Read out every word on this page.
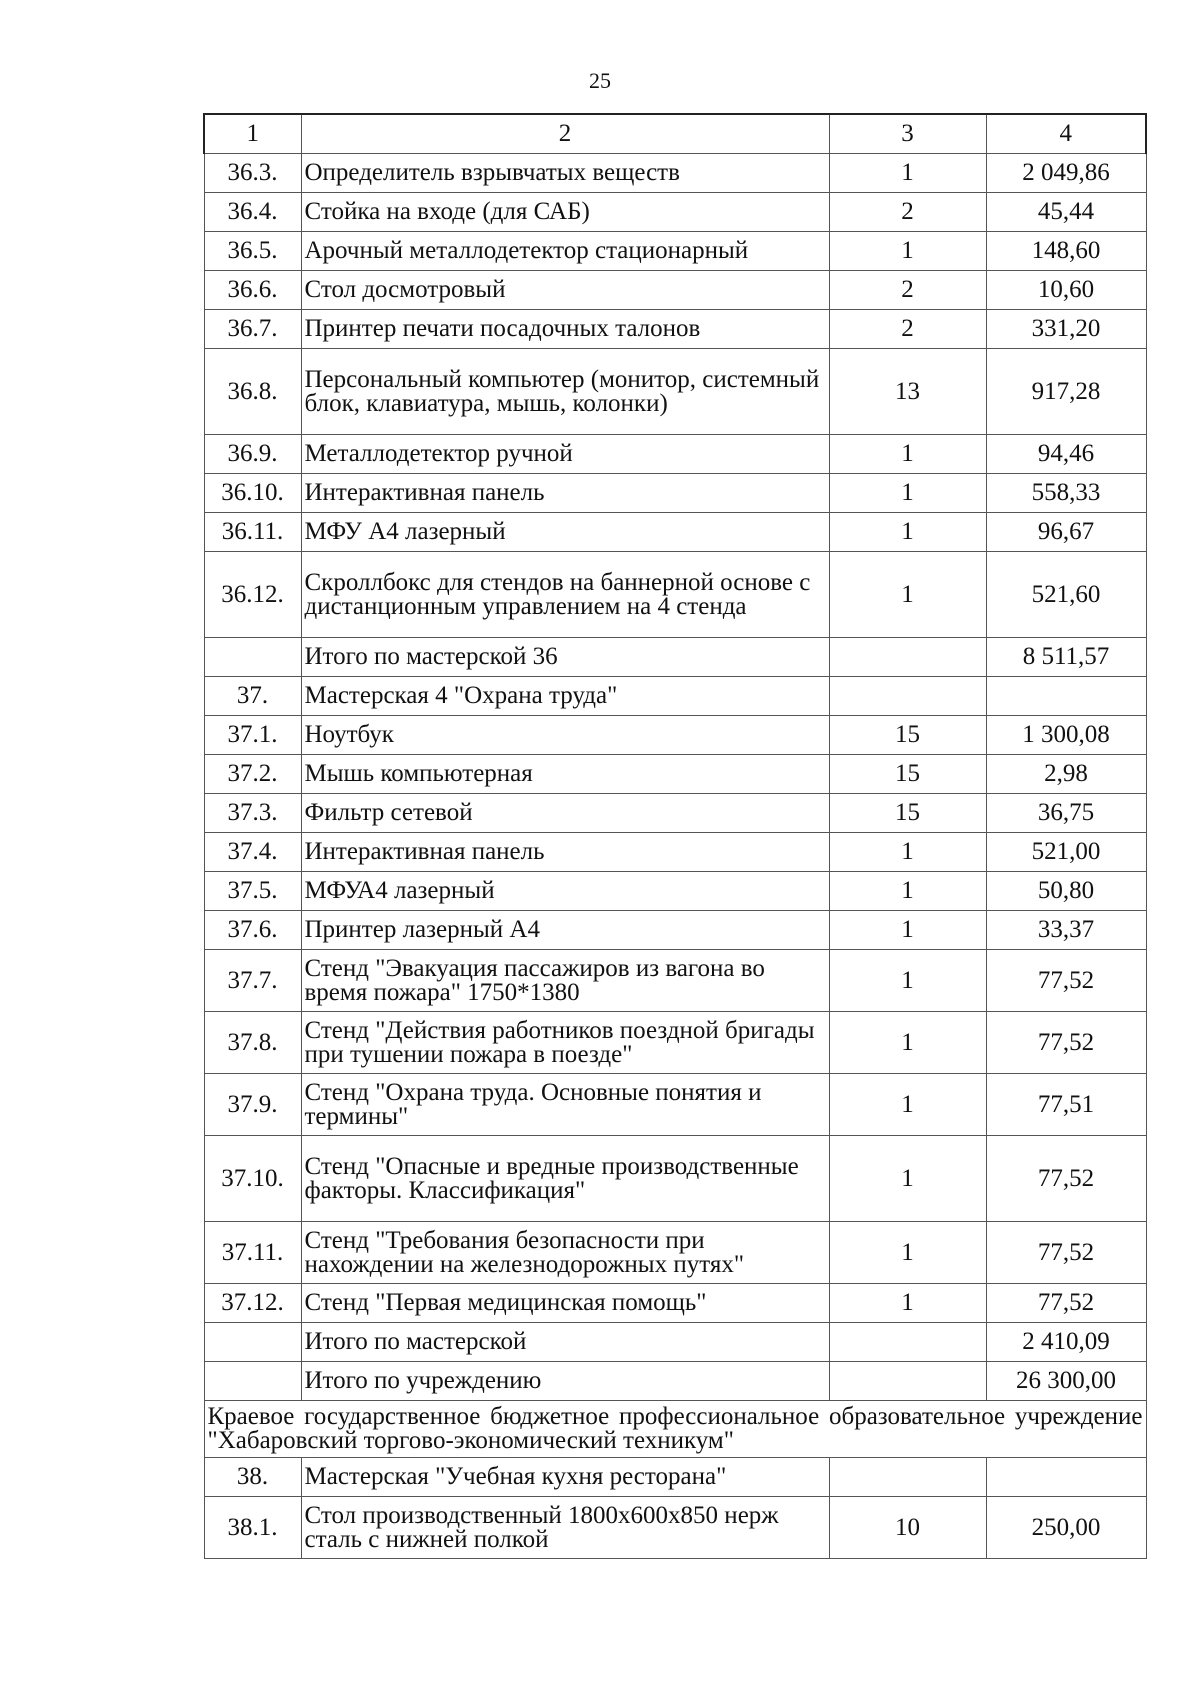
25
1	2	3	4
36.3.	Определитель взрывчатых веществ	1	2 049,86
36.4.	Стойка на входе (для САБ)	2	45,44
36.5.	Арочный металлодетектор стационарный	1	148,60
36.6.	Стол досмотровый	2	10,60
36.7.	Принтер печати посадочных талонов	2	331,20
36.8.	Персональный компьютер (монитор, системный блок, клавиатура, мышь, колонки)	13	917,28
36.9.	Металлодетектор ручной	1	94,46
36.10.	Интерактивная панель	1	558,33
36.11.	МФУ А4 лазерный	1	96,67
36.12.	Скроллбокс для стендов на баннерной основе с дистанционным управлением на 4 стенда	1	521,60
	Итого по мастерской 36		8 511,57
37.	Мастерская 4 "Охрана труда"		
37.1.	Ноутбук	15	1 300,08
37.2.	Мышь компьютерная	15	2,98
37.3.	Фильтр сетевой	15	36,75
37.4.	Интерактивная панель	1	521,00
37.5.	МФУА4 лазерный	1	50,80
37.6.	Принтер лазерный А4	1	33,37
37.7.	Стенд "Эвакуация пассажиров из вагона во время пожара" 1750*1380	1	77,52
37.8.	Стенд "Действия работников поездной бригады при тушении пожара в поезде"	1	77,52
37.9.	Стенд "Охрана труда. Основные понятия и термины"	1	77,51
37.10.	Стенд "Опасные и вредные производственные факторы. Классификация"	1	77,52
37.11.	Стенд "Требования безопасности при нахождении на железнодорожных путях"	1	77,52
37.12.	Стенд "Первая медицинская помощь"	1	77,52
	Итого по мастерской		2 410,09
	Итого по учреждению		26 300,00
Краевое государственное бюджетное профессиональное образовательное учреждение "Хабаровский торгово-экономический техникум"			
38.	Мастерская "Учебная кухня ресторана"		
38.1.	Стол производственный 1800х600х850 нерж сталь с нижней полкой	10	250,00
